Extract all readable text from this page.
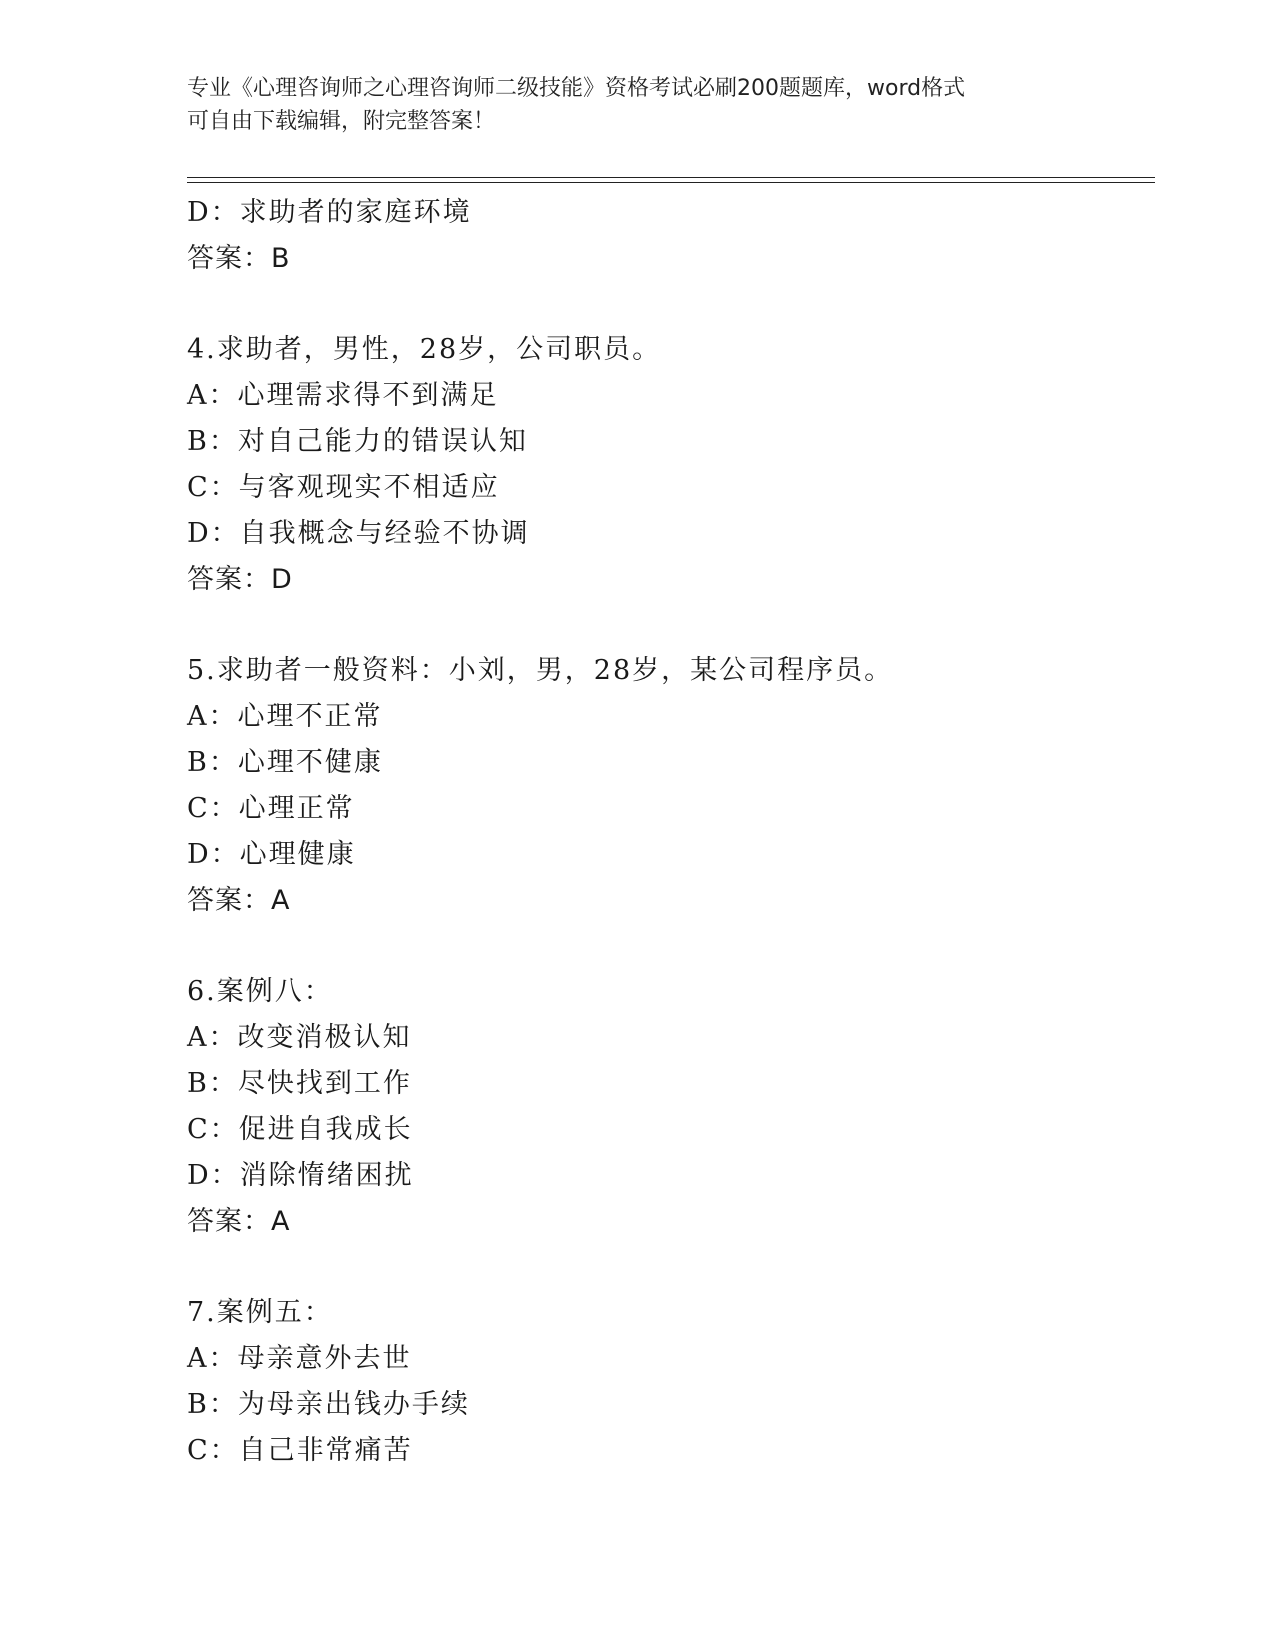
专业《心理咨询师之心理咨询师二级技能》资格考试必刷200题题库，word格式
可自由下载编辑，附完整答案！
D：求助者的家庭环境
答案：B
4.求助者，男性，28岁，公司职员。
A：心理需求得不到满足
B：对自己能力的错误认知
C：与客观现实不相适应
D：自我概念与经验不协调
答案：D
5.求助者一般资料：小刘，男，28岁，某公司程序员。
A：心理不正常
B：心理不健康
C：心理正常
D：心理健康
答案：A
6.案例八：
A：改变消极认知
B：尽快找到工作
C：促进自我成长
D：消除惰绪困扰
答案：A
7.案例五：
A：母亲意外去世
B：为母亲出钱办手续
C：自己非常痛苦
